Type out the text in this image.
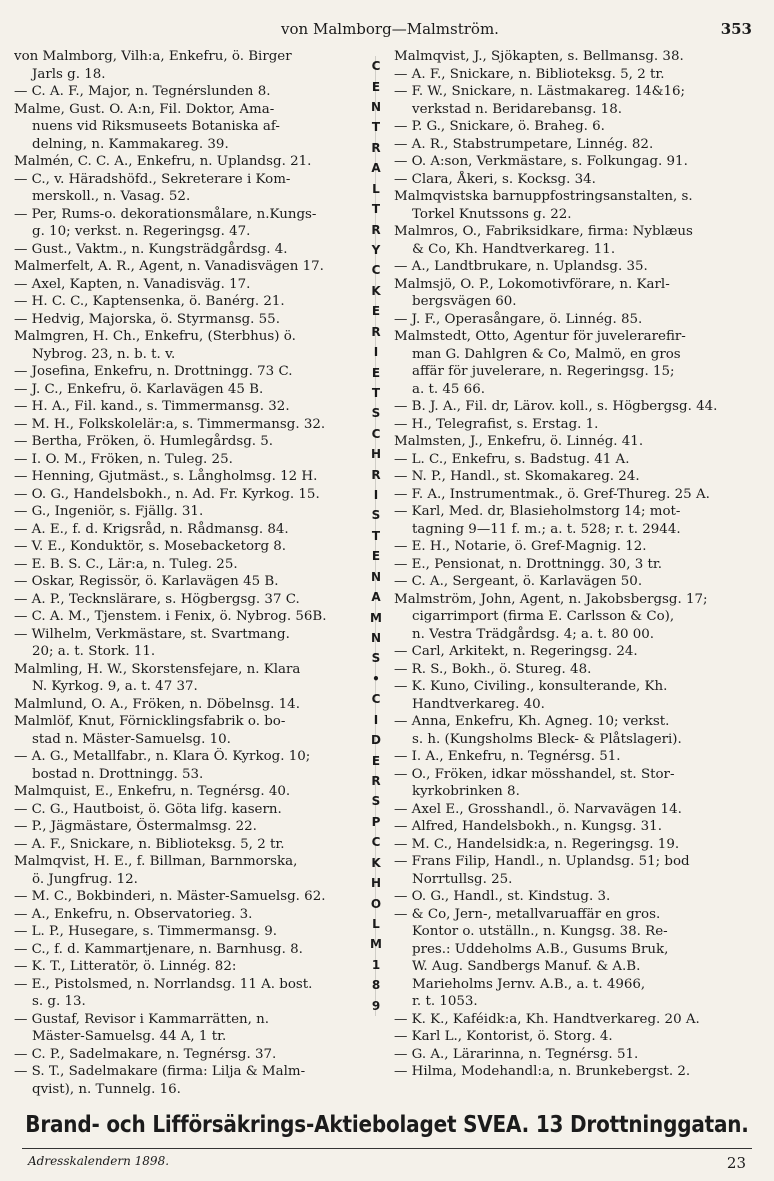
von Malmborg—Malmström.	353
von Malmborg, Vilh:a, Enkefru, ö. Birger
Jarls g. 18.
— C. A. F., Major, n. Tegnérslunden 8.
Malme, Gust. O. A:n, Fil. Doktor, Ama-
nuens vid Riksmuseets Botaniska af-
delning, n. Kammakareg. 39.
Malmén, C. C. A., Enkefru, n. Uplandsg. 21.
— C., v. Häradshöfd., Sekreterare i Kom-
merskoll., n. Vasag. 52.
— Per, Rums-o. dekorationsmålare, n.Kungs-
g. 10; verkst. n. Regeringsg. 47.
— Gust., Vaktm., n. Kungsträdgårdsg. 4.
Malmerfelt, A. R., Agent, n. Vanadisvägen 17.
— Axel, Kapten, n. Vanadisväg. 17.
— H. C. C., Kaptensenka, ö. Banérg. 21.
— Hedvig, Majorska, ö. Styrmansg. 55.
Malmgren, H. Ch., Enkefru, (Sterbhus) ö.
Nybrog. 23, n. b. t. v.
— Josefina, Enkefru, n. Drottningg. 73 C.
— J. C., Enkefru, ö. Karlavägen 45 B.
— H. A., Fil. kand., s. Timmermansg. 32.
— M. H., Folkskolelär:a, s. Timmermansg. 32.
— Bertha, Fröken, ö. Humlegårdsg. 5.
— I. O. M., Fröken, n. Tuleg. 25.
— Henning, Gjutmäst., s. Långholmsg. 12 H.
— O. G., Handelsbokh., n. Ad. Fr. Kyrkog. 15.
— G., Ingeniör, s. Fjällg. 31.
— A. E., f. d. Krigsråd, n. Rådmansg. 84.
— V. E., Konduktör, s. Mosebacketorg 8.
— E. B. S. C., Lär:a, n. Tuleg. 25.
— Oskar, Regissör, ö. Karlavägen 45 B.
— A. P., Tecknslärare, s. Högbergsg. 37 C.
— C. A. M., Tjenstem. i Fenix, ö. Nybrog. 56B.
— Wilhelm, Verkmästare, st. Svartmang.
20; a. t. Stork. 11.
Malmling, H. W., Skorstensfejare, n. Klara
N. Kyrkog. 9, a. t. 47 37.
Malmlund, O. A., Fröken, n. Döbelnsg. 14.
Malmlöf, Knut, Förnicklingsfabrik o. bo-
stad n. Mäster-Samuelsg. 10.
— A. G., Metallfabr., n. Klara Ö. Kyrkog. 10;
bostad n. Drottningg. 53.
Malmquist, E., Enkefru, n. Tegnérsg. 40.
— C. G., Hautboist, ö. Göta lifg. kasern.
— P., Jägmästare, Östermalmsg. 22.
— A. F., Snickare, n. Biblioteksg. 5, 2 tr.
Malmqvist, H. E., f. Billman, Barnmorska,
ö. Jungfrug. 12.
— M. C., Bokbinderi, n. Mäster-Samuelsg. 62.
— A., Enkefru, n. Observatorieg. 3.
— L. P., Husegare, s. Timmermansg. 9.
— C., f. d. Kammartjenare, n. Barnhusg. 8.
— K. T., Litteratör, ö. Linnég. 82:
— E., Pistolsmed, n. Norrlandsg. 11 A. bost.
s. g. 13.
— Gustaf, Revisor i Kammarrätten, n.
Mäster-Samuelsg. 44 A, 1 tr.
— C. P., Sadelmakare, n. Tegnérsg. 37.
— S. T., Sadelmakare (firma: Lilja & Malm-
qvist), n. Tunnelg. 16.
C
E
N
T
R
A
L
T
R
Y
C
K
E
R
I
E
T
S
C
H
R
I
S
T
E
N
A
M
N
S
•
C
I
D
E
R
S
P
C
K
H
O
L
M
1
8
9
Malmqvist, J., Sjökapten, s. Bellmansg. 38.
— A. F., Snickare, n. Biblioteksg. 5, 2 tr.
— F. W., Snickare, n. Lästmakareg. 14&16;
verkstad n. Beridarebansg. 18.
— P. G., Snickare, ö. Braheg. 6.
— A. R., Stabstrumpetare, Linnég. 82.
— O. A:son, Verkmästare, s. Folkungag. 91.
— Clara, Åkeri, s. Kocksg. 34.
Malmqvistska barnuppfostringsanstalten, s.
Torkel Knutssons g. 22.
Malmros, O., Fabriksidkare, firma: Nyblæus
& Co, Kh. Handtverkareg. 11.
— A., Landtbrukare, n. Uplandsg. 35.
Malmsjö, O. P., Lokomotivförare, n. Karl-
bergsvägen 60.
— J. F., Operasångare, ö. Linnég. 85.
Malmstedt, Otto, Agentur för juvelerarefir-
man G. Dahlgren & Co, Malmö, en gros
affär för juvelerare, n. Regeringsg. 15;
a. t. 45 66.
— B. J. A., Fil. dr, Lärov. koll., s. Högbergsg. 44.
— H., Telegrafist, s. Erstag. 1.
Malmsten, J., Enkefru, ö. Linnég. 41.
— L. C., Enkefru, s. Badstug. 41 A.
— N. P., Handl., st. Skomakareg. 24.
— F. A., Instrumentmak., ö. Gref-Thureg. 25 A.
— Karl, Med. dr, Blasieholmstorg 14; mot-
tagning 9—11 f. m.; a. t. 528; r. t. 2944.
— E. H., Notarie, ö. Gref-Magnig. 12.
— E., Pensionat, n. Drottningg. 30, 3 tr.
— C. A., Sergeant, ö. Karlavägen 50.
Malmström, John, Agent, n. Jakobsbergsg. 17;
cigarrimport (firma E. Carlsson & Co),
n. Vestra Trädgårdsg. 4; a. t. 80 00.
— Carl, Arkitekt, n. Regeringsg. 24.
— R. S., Bokh., ö. Stureg. 48.
— K. Kuno, Civiling., konsulterande, Kh.
Handtverkareg. 40.
— Anna, Enkefru, Kh. Agneg. 10; verkst.
s. h. (Kungsholms Bleck- & Plåtslageri).
— I. A., Enkefru, n. Tegnérsg. 51.
— O., Fröken, idkar mösshandel, st. Stor-
kyrkobrinken 8.
— Axel E., Grosshandl., ö. Narvavägen 14.
— Alfred, Handelsbokh., n. Kungsg. 31.
— M. C., Handelsidk:a, n. Regeringsg. 19.
— Frans Filip, Handl., n. Uplandsg. 51; bod
Norrtullsg. 25.
— O. G., Handl., st. Kindstug. 3.
— & Co, Jern-, metallvaruaffär en gros.
Kontor o. utställn., n. Kungsg. 38. Re-
pres.: Uddeholms A.B., Gusums Bruk,
W. Aug. Sandbergs Manuf. & A.B.
Marieholms Jernv. A.B., a. t. 4966,
r. t. 1053.
— K. K., Kaféidk:a, Kh. Handtverkareg. 20 A.
— Karl L., Kontorist, ö. Storg. 4.
— G. A., Lärarinna, n. Tegnérsg. 51.
— Hilma, Modehandl:a, n. Brunkebergst. 2.
Brand- och Lifförsäkrings-Aktiebolaget SVEA. 13 Drottninggatan.
Adresskalendern 1898.	23
